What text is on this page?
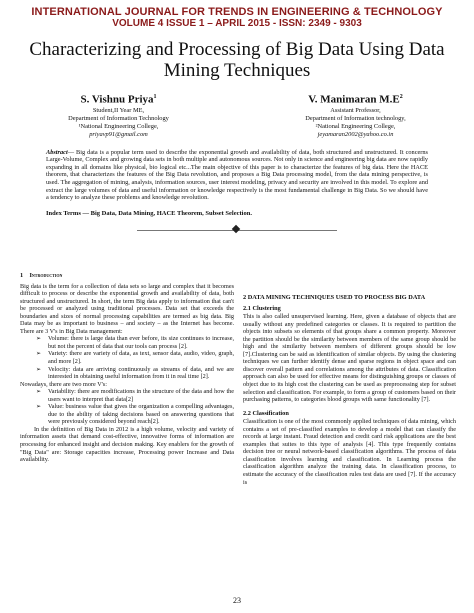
INTERNATIONAL JOURNAL FOR TRENDS IN ENGINEERING & TECHNOLOGY
VOLUME 4 ISSUE 1 – APRIL 2015 - ISSN: 2349 - 9303
Characterizing and Processing of Big Data Using Data Mining Techniques
S. Vishnu Priya$^1$
Student,II Year ME,
Department of Information Technology
¹National Engineering College,
priyavp91@gmail.com
V. Manimaran $M.E^2$
Assistant Professor,
Department of Information technology,
²National Engineering College,
jeyamaran2002@yahoo.co.in
Abstract— Big data is a popular term used to describe the exponential growth and availability of data, both structured and unstructured. It concerns Large-Volume, Complex and growing data sets in both multiple and autonomous sources. Not only in science and engineering big data are now rapidly expanding in all domains like physical, bio logical etc...The main objective of this paper is to characterize the features of big data. Here the HACE theorem, that characterizes the features of the Big Data revolution, and proposes a Big Data processing model, from the data mining perspective, is used. The aggregation of mining, analysis, information sources, user interest modeling, privacy and security are involved in this model. To explore and extract the large volumes of data and useful information or knowledge respectively is the most fundamental challenge in Big Data. So we should have a tendency to analyze these problems and knowledge revolution.
Index Terms — Big Data, Data Mining, HACE Theorem, Subset Selection.
1 Introduction

Big data is the term for a collection of data sets so large and complex that it becomes difficult to process or describe the exponential growth and availability of data, both structured and unstructured. In short, the term Big data apply to information that can't be processed or analyzed using traditional processes. Data set that exceeds the boundaries and sizes of normal processing capabilities are termed as big data. Big Data may be as important to business – and society – as the Internet has become. There are 3 V's in Big Data management:

➢ Volume: there is large data than ever before, its size continues to increase, but not the percent of data that our tools can process [2].
➢ Variety: there are variety of data, as text, sensor data, audio, video, graph, and more [2].
➢ Velocity: data are arriving continuously as streams of data, and we are interested in obtaining useful information from it in real time [2].

Nowadays, there are two more V's:

➢ Variability: there are modifications in the structure of the data and how the users want to interpret that data[2]
➢ Value: business value that gives the organization a compelling advantages, due to the ability of taking decisions based on answering questions that were previously considered beyond reach[2].

In the definition of Big Data in 2012 is a high volume, velocity and variety of information assets that demand cost-effective, innovative forms of information are processing for enhanced insight and decision making. Key enablers for the growth of "Big Data" are: Storage capacities increase, Processing power Increase and Data availability.

2 DATA MINING TECHNIQUES USED TO PROCESS BIG DATA
2.1 Clustering

This is also called unsupervised learning. Here, given a database of objects that are usually without any predefined categories or classes. It is required to partition the objects into subsets so elements of that groups share a common property. Moreover the partition should be the similarity between members of the same group should be high and the similarity between members of different groups should be low [7].Clustering can be said as identification of similar objects. By using the clustering techniques we can further identify dense and sparse regions in object space and can discover overall pattern and correlations among the attributes of data. Classification approach can also be used for effective means for distinguishing groups or classes of object due to its high cost the clustering can be used as preprocessing step for subset selection and classification. For example, to form a group of customers based on their purchasing patterns, to categories blood groups with same functionality [7].

2.2 Classification

Classification is one of the most commonly applied techniques of data mining, which contains a set of pre-classified examples to develop a model that can classify the records at large instant. Fraud detection and credit card risk applications are the best examples that suites to this type of analysis [4]. This type frequently contains decision tree or neural network-based classification algorithms. The process of data classification involves learning and classification. In Learning process the classification algorithm analyze the training data. In classification process, to estimate the accuracy of the classification rules test data are used [7]. If the accuracy is

23
